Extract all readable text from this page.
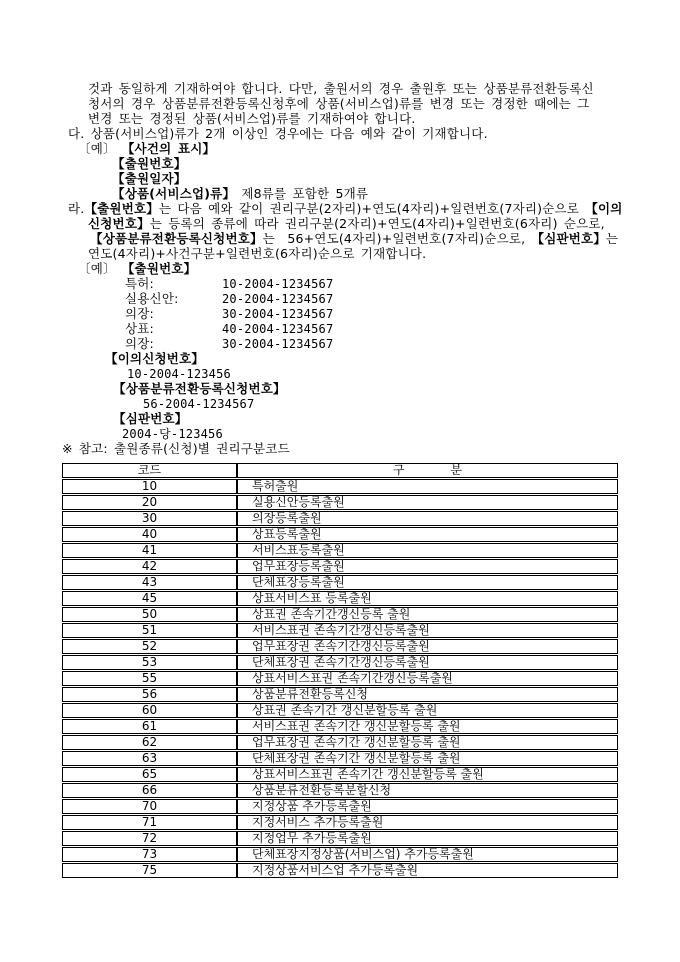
것과 동일하게 기재하여야 합니다. 다만, 출원서의 경우 출원후 또는 상품분류전환등록신
청서의 경우 상품분류전환등록신청후에 상품(서비스업)류를 변경 또는 경정한 때에는 그
변경 또는 경정된 상품(서비스업)류를 기재하여야 합니다.
다. 상품(서비스업)류가 2개 이상인 경우에는 다음 예와 같이 기재합니다.
〔예〕 【사건의 표시】
【출원번호】
【출원일자】
【상품(서비스업)류】 제8류를 포함한 5개류
라.【출원번호】는 다음 예와 같이 권리구분(2자리)+연도(4자리)+일련번호(7자리)순으로 【이의
신청번호】는 등록의 종류에 따라 권리구분(2자리)+연도(4자리)+일련번호(6자리) 순으로,
【상품분류전환등록신청번호】는  56+연도(4자리)+일련번호(7자리)순으로, 【심판번호】는
연도(4자리)+사건구분+일련번호(6자리)순으로 기재합니다.
〔예〕 【출원번호】
특허:	10-2004-1234567
실용신안:	20-2004-1234567
의장:	30-2004-1234567
상표:	40-2004-1234567
의장:	30-2004-1234567
【이의신청번호】
10-2004-123456
【상품분류전환등록신청번호】
56-2004-1234567
【심판번호】
2004-당-123456
※ 참고: 출원종류(신청)별 권리구분코드
코드	구            분
10	특허출원
20	실용신안등록출원
30	의장등록출원
40	상표등록출원
41	서비스표등록출원
42	업무표장등록출원
43	단체표장등록출원
45	상표서비스표 등록출원
50	상표권 존속기간갱신등록 출원
51	서비스표권 존속기간갱신등록출원
52	업무표장권 존속기간갱신등록출원
53	단체표장권 존속기간갱신등록출원
55	상표서비스표권 존속기간갱신등록출원
56	상품분류전환등록신청
60	상표권 존속기간 갱신분할등록 출원
61	서비스표권 존속기간 갱신분할등록 출원
62	업무표장권 존속기간 갱신분할등록 출원
63	단체표장권 존속기간 갱신분할등록 출원
65	상표서비스표권 존속기간 갱신분할등록 출원
66	상품분류전환등록분할신청
70	지정상품 추가등록출원
71	지정서비스 추가등록출원
72	지정업무 추가등록출원
73	단체표장지정상품(서비스업) 추가등록출원
75	지정상품서비스업 추가등록출원
